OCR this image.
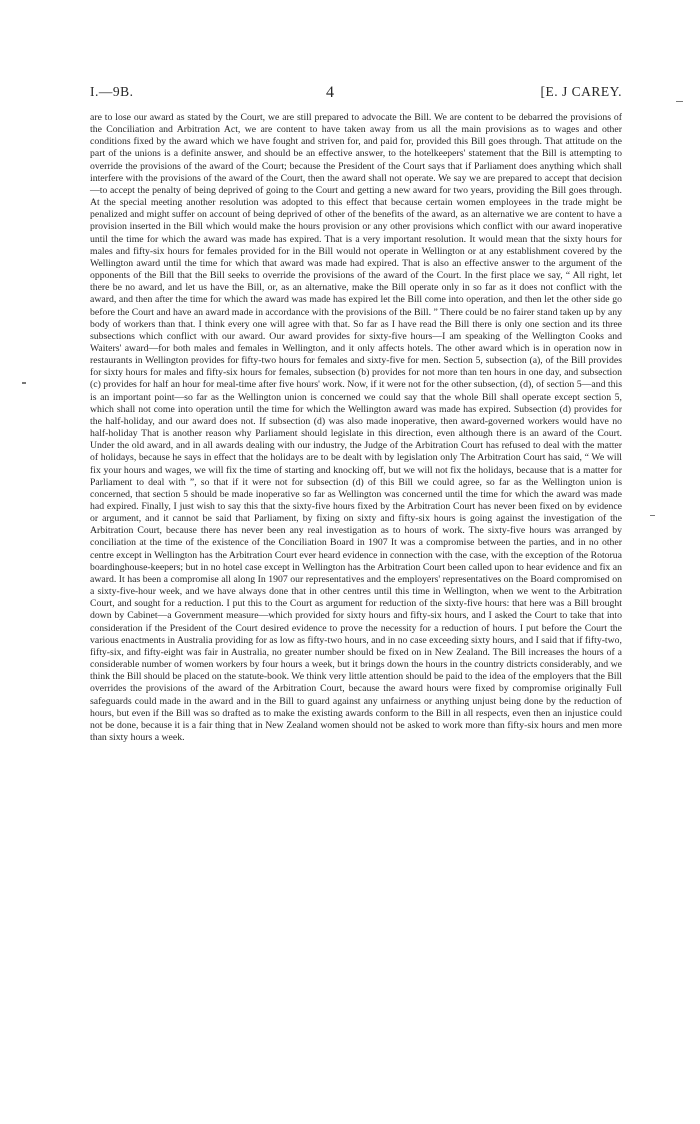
I.—9B.	4	[E. J CAREY.

are to lose our award as stated by the Court, we are still prepared to advocate the Bill. We are content to be debarred the provisions of the Conciliation and Arbitration Act, we are content to have taken away from us all the main provisions as to wages and other conditions fixed by the award which we have fought and striven for, and paid for, provided this Bill goes through. That attitude on the part of the unions is a definite answer, and should be an effective answer, to the hotelkeepers' statement that the Bill is attempting to override the provisions of the award of the Court; because the President of the Court says that if Parliament does anything which shall interfere with the provisions of the award of the Court, then the award shall not operate. We say we are prepared to accept that decision—to accept the penalty of being deprived of going to the Court and getting a new award for two years, providing the Bill goes through. At the special meeting another resolution was adopted to this effect that because certain women employees in the trade might be penalized and might suffer on account of being deprived of other of the benefits of the award, as an alternative we are content to have a provision inserted in the Bill which would make the hours provision or any other provisions which conflict with our award inoperative until the time for which the award was made has expired. That is a very important resolution. It would mean that the sixty hours for males and fifty-six hours for females provided for in the Bill would not operate in Wellington or at any establishment covered by the Wellington award until the time for which that award was made had expired. That is also an effective answer to the argument of the opponents of the Bill that the Bill seeks to override the provisions of the award of the Court. In the first place we say, “ All right, let there be no award, and let us have the Bill, or, as an alternative, make the Bill operate only in so far as it does not conflict with the award, and then after the time for which the award was made has expired let the Bill come into operation, and then let the other side go before the Court and have an award made in accordance with the provisions of the Bill. ” There could be no fairer stand taken up by any body of workers than that. I think every one will agree with that. So far as I have read the Bill there is only one section and its three subsections which conflict with our award. Our award provides for sixty-five hours—I am speaking of the Wellington Cooks and Waiters' award—for both males and females in Wellington, and it only affects hotels. The other award which is in operation now in restaurants in Wellington provides for fifty-two hours for females and sixty-five for men. Section 5, subsection (a), of the Bill provides for sixty hours for males and fifty-six hours for females, subsection (b) provides for not more than ten hours in one day, and subsection (c) provides for half an hour for meal-time after five hours' work. Now, if it were not for the other subsection, (d), of section 5—and this is an important point—so far as the Wellington union is concerned we could say that the whole Bill shall operate except section 5, which shall not come into operation until the time for which the Wellington award was made has expired. Subsection (d) provides for the half-holiday, and our award does not. If subsection (d) was also made inoperative, then award-governed workers would have no half-holiday That is another reason why Parliament should legislate in this direction, even although there is an award of the Court. Under the old award, and in all awards dealing with our industry, the Judge of the Arbitration Court has refused to deal with the matter of holidays, because he says in effect that the holidays are to be dealt with by legislation only The Arbitration Court has said, “ We will fix your hours and wages, we will fix the time of starting and knocking off, but we will not fix the holidays, because that is a matter for Parliament to deal with ”, so that if it were not for subsection (d) of this Bill we could agree, so far as the Wellington union is concerned, that section 5 should be made inoperative so far as Wellington was concerned until the time for which the award was made had expired. Finally, I just wish to say this that the sixty-five hours fixed by the Arbitration Court has never been fixed on by evidence or argument, and it cannot be said that Parliament, by fixing on sixty and fifty-six hours is going against the investigation of the Arbitration Court, because there has never been any real investigation as to hours of work. The sixty-five hours was arranged by conciliation at the time of the existence of the Conciliation Board in 1907 It was a compromise between the parties, and in no other centre except in Wellington has the Arbitration Court ever heard evidence in connection with the case, with the exception of the Rotorua boardinghouse-keepers; but in no hotel case except in Wellington has the Arbitration Court been called upon to hear evidence and fix an award. It has been a compromise all along In 1907 our representatives and the employers' representatives on the Board compromised on a sixty-five-hour week, and we have always done that in other centres until this time in Wellington, when we went to the Arbitration Court, and sought for a reduction. I put this to the Court as argument for reduction of the sixty-five hours: that here was a Bill brought down by Cabinet—a Government measure—which provided for sixty hours and fifty-six hours, and I asked the Court to take that into consideration if the President of the Court desired evidence to prove the necessity for a reduction of hours. I put before the Court the various enactments in Australia providing for as low as fifty-two hours, and in no case exceeding sixty hours, and I said that if fifty-two, fifty-six, and fifty-eight was fair in Australia, no greater number should be fixed on in New Zealand. The Bill increases the hours of a considerable number of women workers by four hours a week, but it brings down the hours in the country districts considerably, and we think the Bill should be placed on the statute-book. We think very little attention should be paid to the idea of the employers that the Bill overrides the provisions of the award of the Arbitration Court, because the award hours were fixed by compromise originally Full safeguards could made in the award and in the Bill to guard against any unfairness or anything unjust being done by the reduction of hours, but even if the Bill was so drafted as to make the existing awards conform to the Bill in all respects, even then an injustice could not be done, because it is a fair thing that in New Zealand women should not be asked to work more than fifty-six hours and men more than sixty hours a week.
